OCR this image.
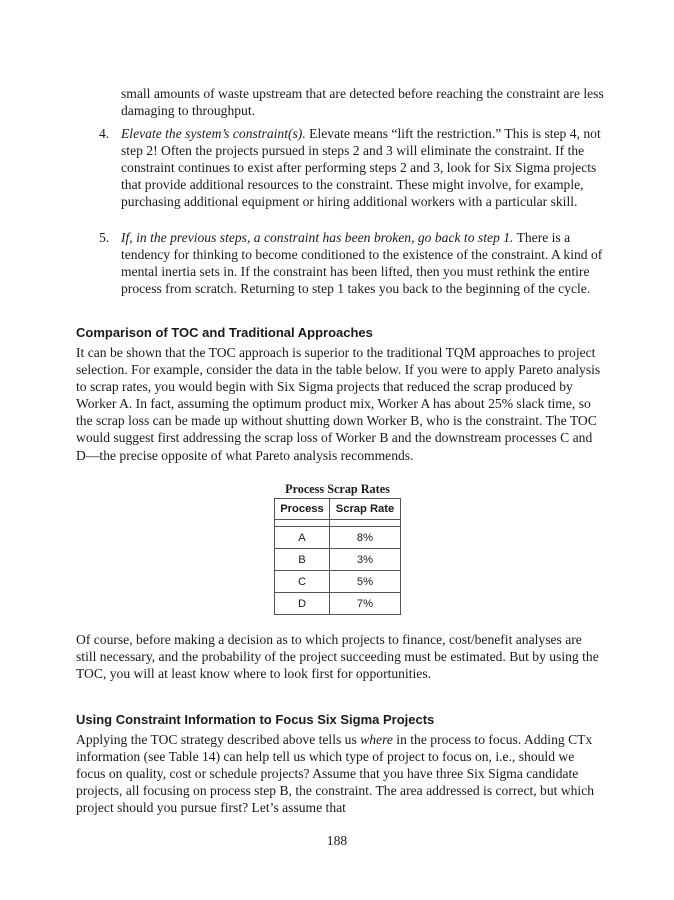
small amounts of waste upstream that are detected before reaching the constraint are less damaging to throughput.

4. Elevate the system’s constraint(s). Elevate means “lift the restriction.” This is step 4, not step 2! Often the projects pursued in steps 2 and 3 will eliminate the constraint. If the constraint continues to exist after performing steps 2 and 3, look for Six Sigma projects that provide additional resources to the constraint. These might involve, for example, purchasing additional equipment or hiring additional workers with a particular skill.

5. If, in the previous steps, a constraint has been broken, go back to step 1. There is a tendency for thinking to become conditioned to the existence of the constraint. A kind of mental inertia sets in. If the constraint has been lifted, then you must rethink the entire process from scratch. Returning to step 1 takes you back to the beginning of the cycle.

Comparison of TOC and Traditional Approaches

It can be shown that the TOC approach is superior to the traditional TQM approaches to project selection. For example, consider the data in the table below. If you were to apply Pareto analysis to scrap rates, you would begin with Six Sigma projects that reduced the scrap produced by Worker A. In fact, assuming the optimum product mix, Worker A has about 25% slack time, so the scrap loss can be made up without shutting down Worker B, who is the constraint. The TOC would suggest first addressing the scrap loss of Worker B and the downstream processes C and D—the precise opposite of what Pareto analysis recommends.

Process Scrap Rates

Process	Scrap Rate

A	8%
B	3%
C	5%
D	7%

Of course, before making a decision as to which projects to finance, cost/benefit analyses are still necessary, and the probability of the project succeeding must be estimated. But by using the TOC, you will at least know where to look first for opportunities.

Using Constraint Information to Focus Six Sigma Projects

Applying the TOC strategy described above tells us where in the process to focus. Adding CTx information (see Table 14) can help tell us which type of project to focus on, i.e., should we focus on quality, cost or schedule projects? Assume that you have three Six Sigma candidate projects, all focusing on process step B, the constraint. The area addressed is correct, but which project should you pursue first? Let’s assume that

188
